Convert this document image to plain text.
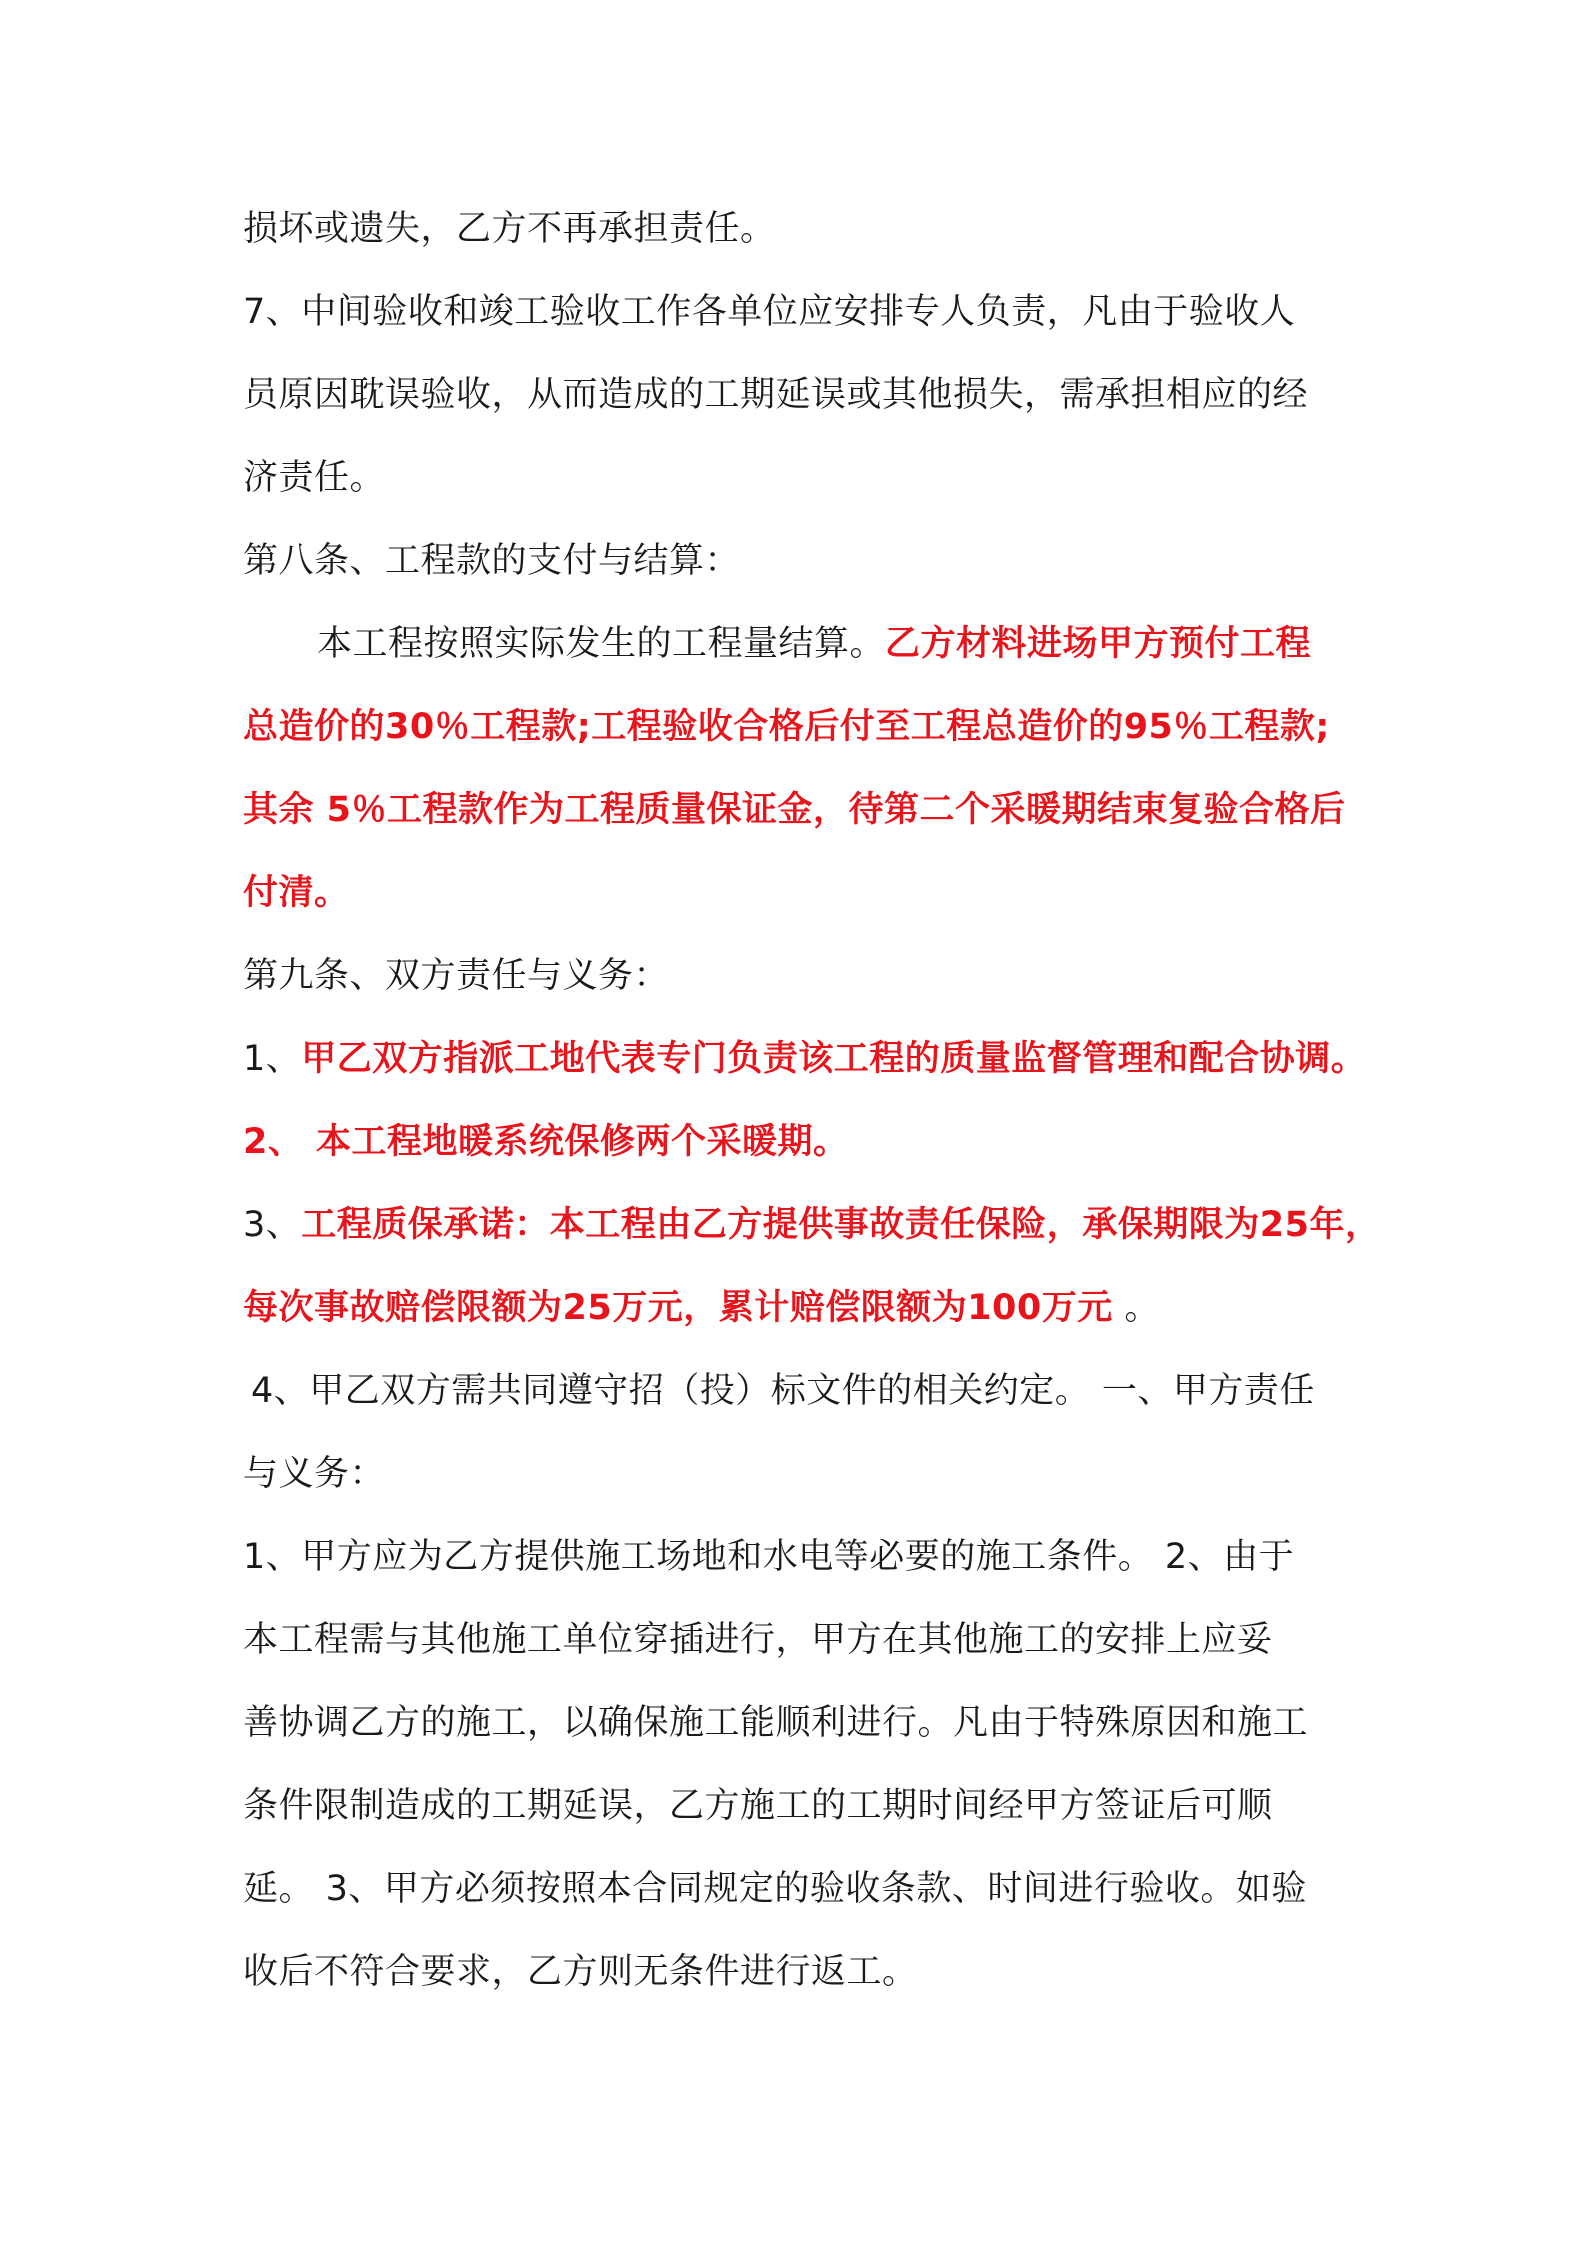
损坏或遗失，乙方不再承担责任。
7、中间验收和竣工验收工作各单位应安排专人负责，凡由于验收人
员原因耽误验收，从而造成的工期延误或其他损失，需承担相应的经
济责任。
第八条、工程款的支付与结算：
本工程按照实际发生的工程量结算。乙方材料进场甲方预付工程
总造价的30％工程款;工程验收合格后付至工程总造价的95％工程款;
其余 5％工程款作为工程质量保证金，待第二个采暖期结束复验合格后
付清。
第九条、双方责任与义务：
1、甲乙双方指派工地代表专门负责该工程的质量监督管理和配合协调。
2、 本工程地暖系统保修两个采暖期。
3、工程质保承诺：本工程由乙方提供事故责任保险，承保期限为25年，
每次事故赔偿限额为25万元，累计赔偿限额为100万元 。
4、甲乙双方需共同遵守招（投）标文件的相关约定。 一、甲方责任
与义务：
1、甲方应为乙方提供施工场地和水电等必要的施工条件。 2、由于
本工程需与其他施工单位穿插进行，甲方在其他施工的安排上应妥
善协调乙方的施工，以确保施工能顺利进行。凡由于特殊原因和施工
条件限制造成的工期延误，乙方施工的工期时间经甲方签证后可顺
延。 3、甲方必须按照本合同规定的验收条款、时间进行验收。如验
收后不符合要求，乙方则无条件进行返工。
